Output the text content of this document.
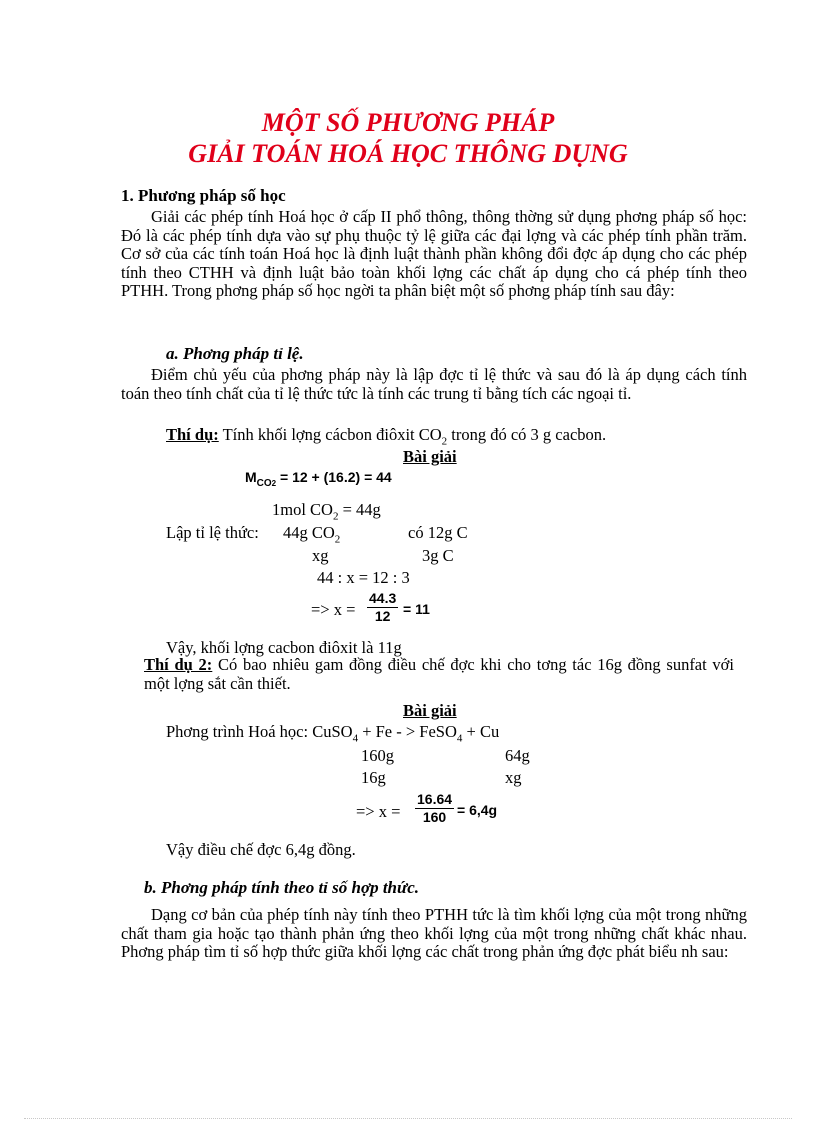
MỘT SỐ PHƯƠNG PHÁP
GIẢI TOÁN HOÁ HỌC THÔNG DỤNG
1. Phương pháp số học
Giải các phép tính Hoá học ở cấp II phổ thông, thông thờng sử dụng phơng pháp số học: Đó là các phép tính dựa vào sự phụ thuộc tỷ lệ giữa các đại lợng và các phép tính phần trăm. Cơ sở của các tính toán Hoá học là định luật thành phần không đổi đợc áp dụng cho các phép tính theo CTHH và định luật bảo toàn khối lợng các chất áp dụng cho cá phép tính theo PTHH. Trong phơng pháp số học ngời ta phân biệt một số phơng pháp tính sau đây:
a. Phơng pháp tỉ lệ.
Điểm chủ yếu của phơng pháp này là lập đợc tỉ lệ thức và sau đó là áp dụng cách tính toán theo tính chất của tỉ lệ thức tức là tính các trung tỉ bằng tích các ngoại tỉ.
Thí dụ: Tính khối lợng cácbon điôxit $CO_2$ trong đó có 3 g cacbon.
Bài giải
$M_{CO2} = 12 + (16.2) = 44$
1mol $CO_2 = 44g$
Lập tỉ lệ thức: 44g $CO_2$	có 12g C
xg	3g C
44 : x = 12 : 3
=> $x = \frac{44.3}{12} = 11$
Vậy, khối lợng cacbon điôxit là 11g
Thí dụ 2: Có bao nhiêu gam đồng điều chế đợc khi cho tơng tác 16g đồng sunfat với một lợng sắt cần thiết.
Bài giải
Phơng trình Hoá học: CuSO$_4$ + Fe - > FeSO$_4$ + Cu
160g	64g
16g	xg
=> $x = \frac{16.64}{160} = 6,4g$
Vậy điều chế đợc 6,4g đồng.
b. Phơng pháp tính theo tỉ số hợp thức.
Dạng cơ bản của phép tính này tính theo PTHH tức là tìm khối lợng của một trong những chất tham gia hoặc tạo thành phản ứng theo khối lợng của một trong những chất khác nhau. Phơng pháp tìm tỉ số hợp thức giữa khối lợng các chất trong phản ứng đợc phát biểu nh sau:
